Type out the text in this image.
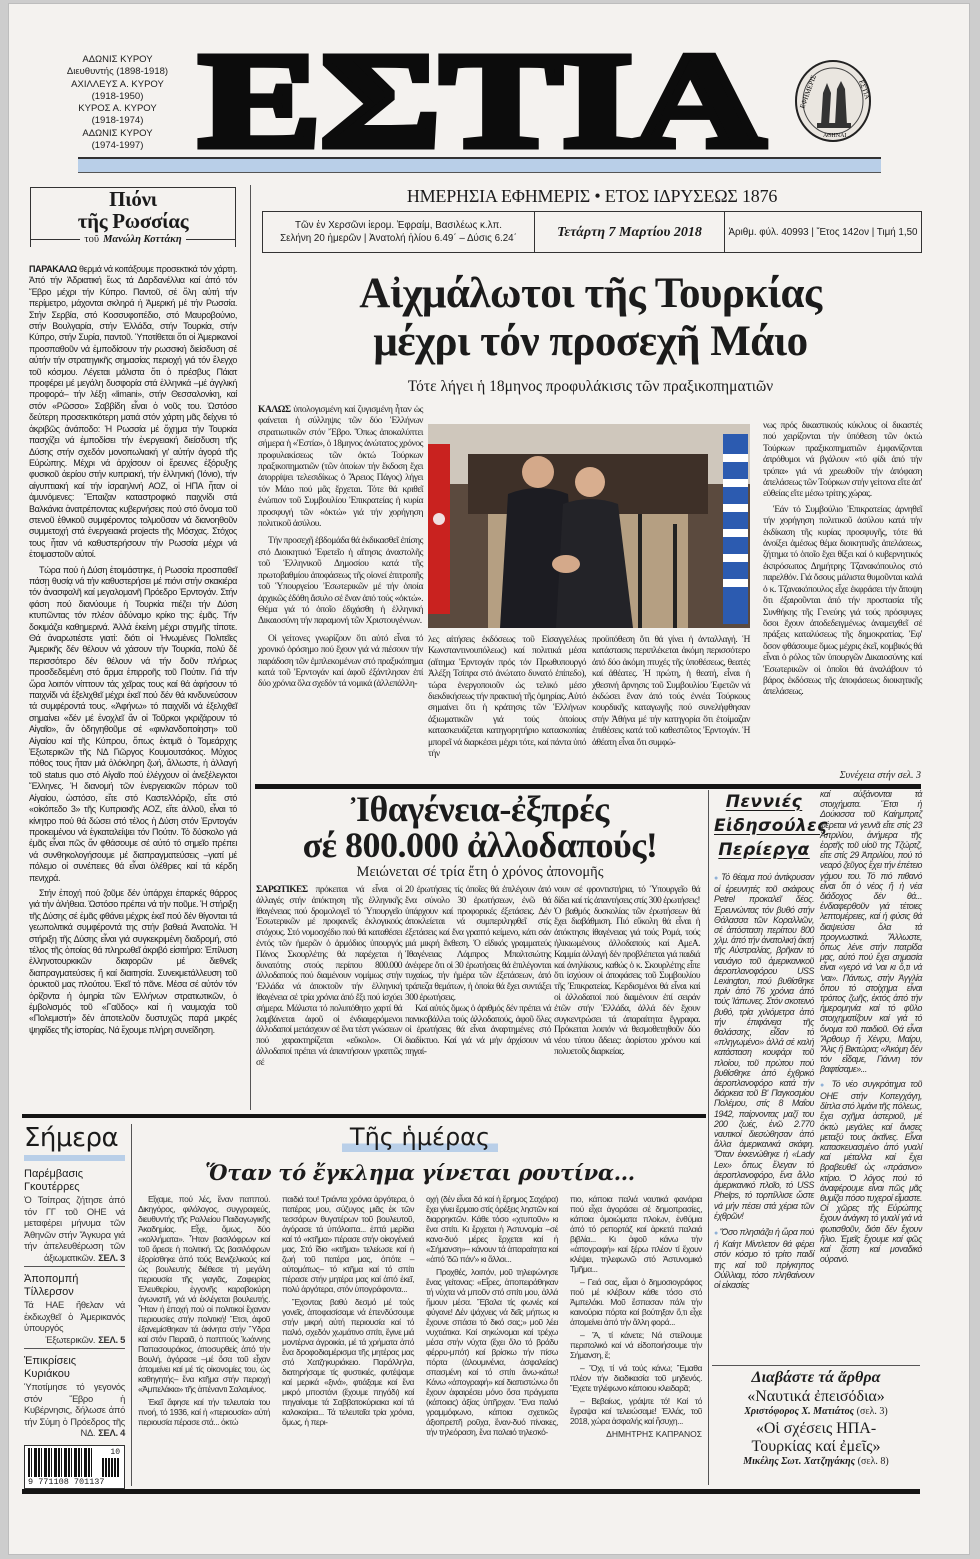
ΑΔΩΝΙΣ ΚΥΡΟΥ
Διευθυντής (1898-1918)
ΑΧΙΛΛΕΥΣ Α. ΚΥΡΟΥ
(1918-1950)
ΚΥΡΟΣ Α. ΚΥΡΟΥ
(1918-1974)
ΑΔΩΝΙΣ ΚΥΡΟΥ
(1974-1997) ΕΣΤΙΑ	ΕΦΗΜΕΡΙΣ	ΕΣΤΙΑ
ΑΘΗΝΑΙ
Πιόνι
τῆς Ρωσσίας
τοῦ Μανώλη Κοττάκη
ΗΜΕΡΗΣΙΑ ΕΦΗΜΕΡΙΣ • ΕΤΟΣ ΙΔΡΥΣΕΩΣ 1876
Τῶν ἐν Χερσῶνι ἱερομ. Ἐφραίμ, Βασιλέως κ.λπ.
Σελήνη 20 ἡμερῶν | Ἀνατολή ἡλίου 6.49΄ – Δύσις 6.24΄	Τετάρτη 7 Μαρτίου 2018	Ἀριθμ. φύλ. 40993 | Ἔτος 142ον | Τιμή 1,50

ΠΑΡΑΚΑΛΩ θερμά νά κοιτάξουμε προσεκτικά τόν χάρτη. Ἀπό τήν Ἀδριατική ἕως τά Δαρδανέλλια καί ἀπό τόν Ἔβρο μέχρι τήν Κύπρο. Παντοῦ, σέ ὅλη αὐτή τήν περίμετρο, μάχονται σκληρά ἡ Ἀμερική μέ τήν Ρωσσία. Στήν Σερβία, στό Κοσσυφοπέδιο, στό Μαυροβούνιο, στήν Βουλγαρία, στήν Ἑλλάδα, στήν Τουρκία, στήν Κύπρο, στήν Συρία, παντοῦ. Ὑποτίθεται ὅτι οἱ Ἀμερικανοί προσπαθοῦν νά ἐμποδίσουν τήν ρωσσική διείσδυση σέ αὐτήν τήν στρατηγικῆς σημασίας περιοχή γιά τόν ἔλεγχο τοῦ κόσμου. Λέγεται μάλιστα ὅτι ὁ πρέσβυς Πάιατ προφέρει μέ μεγάλη δυσφορία στά ἑλληνικά –μέ ἀγγλική προφορά– τήν λέξη «limani», στήν Θεσσαλονίκη, καί στόν «Ρῶσσο» Σαββίδη εἶναι ὁ νοῦς του. Ὡστόσο δεύτερη προσεκτικότερη ματιά στόν χάρτη μᾶς δείχνει τό ἀκριβῶς ἀνάποδο: Ἡ Ρωσσία μέ ὄχημα τήν Τουρκία πασχίζει νά ἐμποδίσει τήν ἐνεργειακή διείσδυση τῆς Δύσης στήν σχεδόν μονοπωλιακή γι' αὐτήν ἀγορά τῆς Εὐρώπης. Μέχρι νά ἀρχίσουν οἱ ἔρευνες ἐξόρυξης φυσικοῦ ἀερίου στήν κυπριακή, τήν ἑλληνική (Ἰόνιο), τήν αἰγυπτιακή καί τήν ἰσραηλινή ΑΟΖ, οἱ ΗΠΑ ἦταν οἱ ἀμυνόμενες: Ἔπαιζαν καταστροφικό παιχνίδι στά Βαλκάνια ἀνατρέποντας κυβερνήσεις πού στό ὄνομα τοῦ στενοῦ ἐθνικοῦ συμφέροντος τολμοῦσαν νά διανοηθοῦν συμμετοχή στά ἐνεργειακά projects τῆς Μόσχας. Στόχος τους ἦταν νά καθυστερήσουν τήν Ρωσσία μέχρι νά ἑτοιμαστοῦν αὐτοί.

Τώρα πού ἡ Δύση ἑτοιμάστηκε, ἡ Ρωσσία προσπαθεῖ πάσῃ θυσίᾳ νά τήν καθυστερήσει μέ πιόνι στήν σκακιέρα τόν ἀνασφαλῆ καί μεγαλομανῆ Πρόεδρο Ἐρντογάν. Στήν φάση πού διανύουμε ἡ Τουρκία πιέζει τήν Δύση κτυπῶντας τόν πλέον ἀδύναμο κρίκο της: ἐμᾶς. Τήν δοκιμάζει καθημερινά. Ἀλλά ἐκείνη μέχρι στιγμῆς τίποτε. Θά ἀναρωτιέστε γιατί: διότι οἱ Ἡνωμένες Πολιτεῖες Ἀμερικῆς δέν θέλουν νά χάσουν τήν Τουρκία, πολύ δέ περισσότερο δέν θέλουν νά τήν δοῦν πλήρως προσδεδεμένη στό ἅρμα ἐπιρροῆς τοῦ Πούτιν. Γιά τήν ὥρα λοιπόν νίπτουν τάς χεῖρας τους καί θά ἀφήσουν τό παιχνίδι νά ἐξελιχθεῖ μέχρι ἐκεῖ πού δέν θά κινδυνεύσουν τά συμφέροντά τους. «Ἀφήνω» τό παιχνίδι νά ἐξελιχθεῖ σημαίνει «δέν μέ ἐνοχλεῖ ἄν οἱ Τοῦρκοι γκριζάρουν τό Αἰγαῖο», ἄν ὁδηγηθοῦμε σέ «φινλανδοποίηση» τοῦ Αἰγαίου καί τῆς Κύπρου, ὅπως ἐκτιμᾶ ὁ Τομεάρχης Ἐξωτερικῶν τῆς ΝΔ Γιῶργος Κουμουτσάκος. Μύχιος πόθος τους ἦταν μιά ὁλόκληρη ζωή, ἄλλωστε, ἡ ἀλλαγή τοῦ status quo στό Αἰγαῖο πού ἐλέγχουν οἱ ἀνεξέλεγκτοι Ἕλληνες. Ἡ διανομή τῶν ἐνεργειακῶν πόρων τοῦ Αἰγαίου, ὡστόσο, εἴτε στό Καστελλόριζο, εἴτε στό «οἰκόπεδο 3» τῆς Κυπριακῆς ΑΟΖ, εἴτε ἀλλοῦ, εἶναι τό κίνητρο πού θά δώσει στό τέλος ἡ Δύση στόν Ἐρντογάν προκειμένου νά ἐγκαταλείψει τόν Πούτιν. Τό δύσκολο γιά ἐμᾶς εἶναι πῶς ἄν φθάσουμε σέ αὐτό τό σημεῖο πρέπει νά συνθηκολογήσουμε μέ διαπραγματεύσεις –γιατί μέ πόλεμο οἱ συνέπειες θά εἶναι ὀλέθριες καί τά κέρδη πενιχρά.

Στήν ἐποχή πού ζοῦμε δέν ὑπάρχει ἐπαρκές θάρρος γιά τήν ἀλήθεια. Ὡστόσο πρέπει νά τήν ποῦμε. Ἡ στήριξη τῆς Δύσης σέ ἐμᾶς φθάνει μέχρις ἐκεῖ πού δέν θίγονται τά γεωπολιτικά συμφέροντά της στήν βαθειά Ἀνατολία. Ἡ στήριξη τῆς Δύσης εἶναι γιά συγκεκριμένη διαδρομή, στό τέλος τῆς ὁποίας θά πληρωθεῖ ἀκριβό εἰσιτήριο: Ἐπίλυση ἑλληνοτουρκικῶν διαφορῶν μέ διεθνεῖς διαπραγματεύσεις ἤ καί διαιτησία. Συνεκμετάλλευση τοῦ ὀρυκτοῦ μας πλούτου. Ἐκεῖ τό πᾶνε. Μέσα σέ αὐτόν τόν ὁρίζοντα ἡ ὁμηρία τῶν Ἑλλήνων στρατιωτικῶν, ὁ ἐμβολισμός τοῦ «Γαῦδος» καί ἡ ναυμαχία τοῦ «Πολεμιστή» δέν ἀποτελοῦν δυστυχῶς παρά μικρές ψηφίδες τῆς ἱστορίας. Νά ἔχουμε πλήρη συνείδηση.

Αἰχμάλωτοι τῆς Τουρκίας
μέχρι τόν προσεχῆ Μάιο
Τότε λήγει ἡ 18μηνος προφυλάκισις τῶν πραξικοπηματιῶν

ΚΑΛΩΣ ὑπολογισμένη καί ζυγισμένη ἦταν ὡς φαίνεται ἡ σύλληψις τῶν δύο Ἑλλήνων στρατιωτικῶν στόν Ἔβρο. Ὅπως ἀποκαλύπτει σήμερα ἡ «Ἑστία», ὁ 18μηνος ἀνώτατος χρόνος προφυλακίσεως τῶν ὀκτώ Τούρκων πραξικοπηματιῶν (τῶν ὁποίων τήν ἔκδοση ἔχει ἀπορρίψει τελεσιδίκως ὁ Ἄρειος Πάγος) λήγει τόν Μάιο πού μᾶς ἔρχεται. Τότε θά κριθεῖ ἐνώπιον τοῦ Συμβουλίου Ἐπικρατείας ἡ κυρία προσφυγή τῶν «ὀκτώ» γιά τήν χορήγηση πολιτικοῦ ἀσύλου.

Τήν προσεχῆ ἑβδομάδα θά ἐκδικασθεῖ ἐπίσης στό Διοικητικό Ἐφετεῖο ἡ αἴτησις ἀναστολῆς τοῦ Ἑλληνικοῦ Δημοσίου κατά τῆς πρωτοβαθμίου ἀποφάσεως τῆς οἱονεί ἐπιτροπῆς τοῦ Ὑπουργείου Ἐσωτερικῶν μέ τήν ὁποία ἀρχικῶς ἐδόθη ἄσυλο σέ ἕναν ἀπό τούς «ὀκτώ». Θέμα γιά τό ὁποῖο ἐδιχάσθη ἡ ἑλληνική Δικαιοσύνη τήν παραμονή τῶν Χριστουγέννων.

Οἱ γείτονες γνωρίζουν ὅτι αὐτό εἶναι τό χρονικό ὁρόσημο πού ἔχουν γιά νά πιέσουν τήν παράδοση τῶν ἐμπλεκομένων στό πραξικόπημα κατά τοῦ Ἐρντογάν καί ἀφοῦ ἐξάντλησαν ἐπί δύο χρόνια ὅλα σχεδόν τά νομικά (ἀλλεπάλλη-

λες αἰτήσεις ἐκδόσεως τοῦ Εἰσαγγελέως Κωνσταντινουπόλεως) καί πολιτικά μέσα (αἴτημα Ἐρντογάν πρός τόν Πρωθυπουργό Ἀλέξη Τσίπρα στό ἀνώτατο δυνατό ἐπίπεδο), τώρα ἐνεργοποιοῦν ὡς τελικό μέσο διεκδικήσεως τήν πρακτική τῆς ὁμηρίας. Αὐτό σημαίνει ὅτι ἡ κράτησις τῶν Ἑλλήνων ἀξιωματικῶν γιά τούς ὁποίους κατασκευάζεται κατηγορητήριο κατασκοπίας μπορεῖ νά διαρκέσει μέχρι τότε, καί πάντα ὑπό τήν
προϋπόθεση ὅτι θά γίνει ἡ ἀνταλλαγή. Ἡ κατάστασις περιπλέκεται ἀκόμη περισσότερο ἀπό δύο ἀκόμη πτυχές τῆς ὑποθέσεως, θεατές καί ἀθέατες. Ἡ πρώτη, ἡ θεατή, εἶναι ἡ χθεσινή ἄρνησις τοῦ Συμβουλίου Ἐφετῶν νά ἐκδώσει ἕναν ἀπό τούς ἐννέα Τούρκους κουρδικῆς καταγωγῆς πού συνελήφθησαν στήν Ἀθήνα μέ τήν κατηγορία ὅτι ἑτοίμαζαν ἐπιθέσεις κατά τοῦ καθεστῶτος Ἐρντογάν. Ἡ ἀθέατη εἶναι ὅτι συμφώ-

νως πρός δικαστικούς κύκλους οἱ δικαστές πού χειρίζονται τήν ὑπόθεση τῶν ὀκτώ Τούρκων πραξικοπηματιῶν ἐμφανίζονται ἀπρόθυμοι νά βγάλουν «τό φίδι ἀπό τήν τρύπα» γιά νά χρεωθοῦν τήν ἀπόφαση ἀπελάσεως τῶν Τούρκων στήν γείτονα εἴτε ἀπ' εὐθείας εἴτε μέσω τρίτης χώρας.

Ἐάν τό Συμβούλιο Ἐπικρατείας ἀρνηθεῖ τήν χορήγηση πολιτικοῦ ἀσύλου κατά τήν ἐκδίκαση τῆς κυρίας προσφυγῆς, τότε θά ἀνοίξει ἀμέσως θέμα διοικητικῆς ἀπελάσεως, ζήτημα τό ὁποῖο ἔχει θίξει καί ὁ κυβερνητικός ἐκπρόσωπος Δημήτρης Τζανακόπουλος στό παρελθόν. Γιά ὅσους μάλιστα θυμοῦνται καλά ὁ κ. Τζανακόπουλος εἶχε ἐκφράσει τήν ἄποψη ὅτι ἐξαιροῦνται ἀπό τήν προστασία τῆς Συνθήκης τῆς Γενεύης γιά τούς πρόσφυγες ὅσοι ἔχουν ἀποδεδειγμένως ἀναμειχθεῖ σέ πράξεις καταλύσεως τῆς δημοκρατίας. Ἐφ' ὅσον φθάσουμε ὅμως μέχρις ἐκεῖ, κομβικός θά εἶναι ὁ ρόλος τῶν ὑπουργῶν Δικαιοσύνης καί Ἐσωτερικῶν οἱ ὁποῖοι θά ἀναλάβουν τό βάρος ἐκδόσεως τῆς ἀποφάσεως διοικητικῆς ἀπελάσεως.

Συνέχεια στήν σελ. 3
Ἰθαγένεια-ἐξπρές
σέ 800.000 ἀλλοδαπούς!
Μειώνεται σέ τρία ἔτη ὁ χρόνος ἀπονομῆς

ΣΑΡΩΤΙΚΕΣ πρόκειται νά εἶναι οἱ ἀλλαγές στήν ἀπόκτηση τῆς ἑλληνικῆς ἰθαγένειας πού δρομολογεῖ τό Ὑπουργεῖο Ἐσωτερικῶν μέ προφανεῖς ἐκλογικούς στόχους. Στό νομοσχέδιο πού θά καταθέσει ἐντός τῶν ἡμερῶν ὁ ἁρμόδιος ὑπουργός Πάνος Σκουρλέτης θά παρέχεται ἡ δυνατότης στούς περίπου 800.000 ἀλλοδαπούς πού διαμένουν νομίμως στήν Ἑλλάδα νά ἀποκτοῦν τήν ἑλληνική ἰθαγένεια σέ τρία χρόνια ἀπό ἕξι πού ἰσχύει σήμερα. Μάλιστα τό πολυπόθητο χαρτί θά λαμβάνεται ἀφοῦ οἱ ἐνδιαφερόμενοι ἀλλοδαποί μετάσχουν σέ ἕνα τέστ γνώσεων πού χαρακτηρίζεται «εὔκολο». Οἱ ἀλλοδαποί πρέπει νά ἀπαντήσουν γραπτῶς σέ

20 ἐρωτήσεις τίς ὁποῖες θά ἐπιλέγουν ἀπό ἕνα σύνολο 30 ἐρωτήσεων, ἐνῶ θά ὑπάρχουν καί προφορικές ἐξετάσεις. Δέν ἀποκλείεται νά συμπεριληφθεῖ στίς ἐξετάσεις καί ἕνα γραπτό κείμενο, κάτι σάν μιά μικρή ἔκθεση. Ὁ εἰδικός γραμματεύς Ἰθαγένειας Λάμπρος Μπαλτσιώτης ἀνέφερε ὅτι οἱ 30 ἐρωτήσεις θά ἐπιλέγονται τυχαίως, τήν ἡμέρα τῶν ἐξετάσεων, ἀπό τράπεζα θεμάτων, ἡ ὁποία θά ἔχει συντάξει 300 ἐρωτήσεις.

Καί αὐτός ὅμως ὁ ἀριθμός δέν πρέπει νά πανικοβάλλει τούς ἀλλοδαπούς, ἀφοῦ ὅλες οἱ ἐρωτήσεις θά εἶναι ἀναρτημένες στό διαδίκτυο. Καί γιά νά μήν ἀρχίσουν νά πηγαί-

νουν σέ φροντιστήρια, τό Ὑπουργεῖο θά δίδει καί τίς ἀπαντήσεις στίς 300 ἐρωτήσεις! Ὁ βαθμός δυσκολίας τῶν ἐρωτήσεων θά ἔχει διαβάθμιση. Πιό εὔκολη θά εἶναι ἡ ἀπόκτησις ἰθαγένειας γιά τούς Ρομά, τούς ἡλικιωμένους ἀλλοδαπούς καί ΑμεΑ. Καμμία ἀλλαγή δέν προβλέπεται γιά παιδιά καί ἀνηλίκους, καθώς ὁ κ. Σκουρλέτης εἶπε ὅτι ἰσχύουν οἱ ἀποφάσεις τοῦ Συμβουλίου τῆς Ἐπικρατείας. Κερδισμένοι θά εἶναι καί οἱ ἀλλοδαποί πού διαμένουν ἐπί σειράν ἐτῶν στήν Ἑλλάδα, ἀλλά δέν ἔχουν συγκεντρώσει τά ἀπαραίτητα ἔγγραφα. Πρόκειται λοιπόν νά θεσμοθετηθοῦν δύο νέου τύπου ἄδειες: ἀορίστου χρόνου καί πολυετοῦς διαρκείας.
Πεννιές
Εἰδησούλες
Περίεργα

● Τό θέαμα πού ἀντίκρυσαν οἱ ἐρευνητές τοῦ σκάφους Petrel προκαλεῖ δέος. Ἐρευνώντας τόν βυθό στήν Θάλασσα τῶν Κοραλλιῶν, σέ ἀπόσταση περίπου 800 χλμ. ἀπό τήν ἀνατολική ἀκτή τῆς Αὐστραλίας, βρῆκαν τό ναυάγιο τοῦ ἀμερικανικοῦ ἀεροπλανοφόρου USS Lexington, πού βυθίσθηκε πρίν ἀπό 76 χρόνια ἀπό τούς Ἰάπωνες. Στόν σκοτεινό βυθό, τρία χιλιόμετρα ἀπό τήν ἐπιφάνεια τῆς θαλάσσης, εἶδαν τό «πληγωμένο» ἀλλά σέ καλή κατάσταση κουφάρι τοῦ πλοίου, τοῦ πρώτου πού βυθίσθηκε ἀπό ἐχθρικό ἀεροπλανοφόρο κατά τήν διάρκεια τοῦ Β' Παγκοσμίου Πολέμου, στίς 8 Μαΐου 1942, παίρνοντας μαζί του 200 ζωές, ἐνῶ 2.770 ναυτικοί διεσώθησαν ἀπό ἄλλα ἀμερικανικά σκάφη. Ὅταν ἐκκενώθηκε ἡ «Lady Lex» ὅπως ἔλεγαν τό ἀεροπλανοφόρο, ἕνα ἄλλο ἀμερικανικό πλοῖο, τό USS Phelps, τό τορπίλλισε ὥστε νά μήν πέσει στά χέρια τῶν ἐχθρῶν!

● Ὅσο πλησιάζει ἡ ὥρα πού ἡ Καίητ Μίντλετον θά φέρει στόν κόσμο τό τρίτο παιδί της καί τοῦ πρίγκηπος Οὐίλλιαμ, τόσο πληθαίνουν οἱ εἰκασίες

καί αὐξάνονται τά στοιχήματα. Ἔτσι ἡ Δούκισσα τοῦ Καίημπριτζ φέρεται νά γεννᾶ εἴτε στίς 23 Ἀπριλίου, ἀνήμερα τῆς ἑορτῆς τοῦ υἱοῦ της Τζώρτζ, εἴτε στίς 29 Ἀπριλίου, πού τό νεαρό ζεῦγος ἔχει τήν ἐπέτειο γάμου του. Τό πιό πιθανό εἶναι ὅτι ὁ νέος ἤ ἡ νέα διάδοχος δέν θά... ἐνδιαφερθοῦν γιά τέτοιες λεπτομέρειες, καί ἡ φύσις θά διαψεύσει ὅλα τά προγνωστικά. Ἄλλωστε, ὅπως λένε στήν πατρίδα μας, αὐτό πού ἔχει σημασία εἶναι «γερό νά 'ναι κι ὅ,τι νά 'ναι». Πάντως, στήν Ἀγγλία ὅπου τό στοίχημα εἶναι τρόπος ζωῆς, ἐκτός ἀπό τήν ἡμερομηνία καί τό φῦλο στοιχηματίζουν καί γιά τό ὄνομα τοῦ παιδιοῦ. Θά εἶναι Ἄρθουρ ἤ Χένρυ, Μαίρυ, Ἄλις ἤ Βικτώρια; «Ἀκόμη δέν τόν εἴδαμε, Γιάννη τόν βαφτίσαμε»...

● Τό νέο συγκρότημα τοῦ ΟΗΕ στήν Κοπεγχάγη, δίπλα στό λιμάνι τῆς πόλεως, ἔχει σχῆμα ἀστεριοῦ, μέ ὀκτώ μεγάλες καί ἄνισες μεταξύ τους ἀκτῖνες. Εἶναι κατασκευασμένο ἀπό γυαλί καί μέταλλα καί ἔχει βραβευθεῖ ὡς «πράσινο» κτίριο. Ὁ λόγος πού τό ἀναφέρουμε εἶναι πῶς μᾶς θυμίζει πόσο τυχεροί εἴμαστε. Οἱ χῶρες τῆς Εὐρώπης ἔχουν ἀνάγκη τό γυαλί γιά νά φωτισθοῦν, διότι δέν ἔχουν ἥλιο. Ἐμεῖς ἔχουμε καί φῶς καί ζέστη καί μοναδικό οὐρανό.

Διαβάστε τά ἄρθρα
«Ναυτικά ἐπεισόδια»
Χριστόφορος Χ. Ματιάτος (σελ. 3)
«Οἱ σχέσεις ΗΠΑ-Τουρκίας καί ἐμεῖς»
Μικέλης Σωτ. Χατζηγάκης (σελ. 8)
Σήμερα
Παρέμβασις
Γκουτέρρες
Ὁ Τσίπρας ζήτησε ἀπό τόν ΓΓ τοῦ ΟΗΕ νά μεταφέρει μήνυμα τῶν Ἀθηνῶν στήν Ἄγκυρα γιά τήν ἀπελευθέρωση τῶν ἀξιωματικῶν. ΣΕΛ. 3
Ἀποπομπή
Τίλλερσον
Τά ΗΑΕ ἤθελαν νά ἐκδιωχθεῖ ὁ Ἀμερικανός ὑπουργός Ἐξωτερικῶν. ΣΕΛ. 5
Ἐπικρίσεις
Κυριάκου
Ὑποτίμησε τό γεγονός στόν Ἔβρο ἡ Κυβέρνησις, δήλωσε ἀπό τήν Σύμη ὁ Πρόεδρος τῆς ΝΔ. ΣΕΛ. 4
10
9 771108 701137
Τῆς ἡμέρας
Ὅταν τό ἔγκλημα γίνεται ρουτίνα...

Εἴχαμε, πού λές, ἕναν παππού. Δικηγόρος, φιλόλογος, συγγραφεύς, διευθυντής τῆς Ραλλείου Παιδαγωγικῆς Ἀκαδημίας. Εἶχε, ὅμως, δύο «κολλήματα». Ἦταν βασιλόφρων καί τοῦ ἄρεσε ἡ πολιτική. Ὡς βασιλόφρων ἐξορίσθηκε ἀπό τούς Βενιζελικούς καί ὡς βουλευτής διέθεσε τή μεγάλη περιουσία τῆς γιαγιᾶς, Ζαφειρίας Ἐλευθερίου, ἐγγονῆς καραβοκύρη ἀγωνιστῆ, γιά νά ἐκλέγεται βουλευτής. Ἦταν ἡ ἐποχή πού οἱ πολιτικοί ἔχαναν περιουσίες στήν πολιτική! Ἔτσι, ἀφοῦ ἐξανεμίσθηκαν τά ἀκίνητα στήν Ὕδρα καί στόν Πειραιᾶ, ὁ παππούς Ἰωάννης Παπασουράκος, ἀποσυρθείς ἀπό τήν Βουλή, ἀγόρασε –μέ ὅσα τοῦ εἶχαν ἀπομείνει καί μέ τίς οἰκονομίες του, ὡς καθηγητής– ἕνα κτῆμα στήν περιοχή «Ἀμπελάκια» τῆς ἀπέναντι Σαλαμίνος.

Ἐκεῖ ἄφησε καί τήν τελευταία του πνοή, τό 1936, καί ἡ «περιουσία» αὐτή περιουσία πέρασε στά... ὀκτώ

παιδιά του! Τριάντα χρόνια ἀργότερα, ὁ πατέρας μου, σύζυγος μιᾶς ἐκ τῶν τεσσάρων θυγατέρων τοῦ βουλευτοῦ, ἀγόρασε τά ὑπόλοιπα... ἑπτά μερίδια καί τό «κτῆμα» πέρασε στήν οἰκογένειά μας. Στό ἴδιο «κτῆμα» τελείωσε καί ἡ ζωή τοῦ πατέρα μας, ὁπότε –αὐτομάτως– τό κτῆμα καί τό σπίτι πέρασε στήν μητέρα μας καί ἀπό ἐκεῖ, πολύ ἀργότερα, στόν ὑπογράφοντα...

Ἔχοντας βαθύ δεσμό μέ τούς γονεῖς, ἀποφασίσαμε νά ἐπενδύσουμε στήν μικρή αὐτή περιουσία καί τό παλιό, σχεδόν χωμάτινο σπίτι, ἔγινε μιά μοντέρνα ἀγροικία, μέ τά χρήματα ἀπό ἕνα δροφοδιαμέρισμα τῆς μητέρας μας στό Χατζηκυριάκειο. Παράλληλα, διατηρήσαμε τίς φυστικιές, φυτέψαμε καί μερικά «ξινά», φτιάξαμε καί ἕνα μικρό μποστάνι (ἔχουμε πηγάδι) καί πηγαίναμε τά Σαββατοκύριακα καί τά καλοκαίρια... Τά τελευταῖα τρία χρόνια, ὅμως, ἡ περι-

οχή (δέν εἶναι δά καί ἡ ἔρημος Σαχάρα) ἔχει γίνει ἕρμαιο στίς ὀρέξεις ληστῶν καί διαρρηκτῶν. Κάθε τόσο «χτυποῦν» κι ἕνα σπίτι. Κι ἔρχεται ἡ Ἀστυνομία –σέ κανα-δυό μέρες ἔρχεται καί ἡ «Σήμανση»– κάνουν τά ἀπαραίτητα καί «ἀπό 'δῶ πάν'» κι ἄλλοι...

Προχθές, λοιπόν, μοῦ τηλεφώνησε ἕνας γείτονας: «Εἶρες, ἀποπειράθηκαν τή νύχτα νά μποῦν στό σπίτι μου, ἀλλά ἤμουν μέσα. Ἔβαλα τίς φωνές καί φύγανε! Δέν ψάχνεις νά δεῖς μήπως κι ἔχουνε σπάσει τό δικό σας;» μοῦ λέει νυχτιάτικα. Καί σηκώνομαι καί τρέχω μέσα στήν νύχτα (ἔχει ὅλο τό βράδυ φέρρυ-μπότ) καί βρίσκω τήν πίσω πόρτα (ἀλουμινένια, ἀσφαλείας) σπασμένη καί τό σπίτι ἄνω-κάτω! Κάνω «ἀπογραφή» καί διαπιστώνω ὅτι ἔχουν ἀφαιρέσει μόνο ὅσα πράγματα (κάποιας) ἀξίας ὑπῆρχαν. Ἕνα παλιό γραμμόφωνο, κάποια σχετικῶς ἀξιοπρεπῆ ροῦχα, ἕναν-δυό πίνακες, τήν τηλεόραση, ἕνα παλαιό τηλεσκό-

πιο, κάποια παλιά ναυτικά φανάρια πού εἶχα ἀγοράσει σέ δημοπρασίες, κάποια ὁμοιώματα πλοίων, ἐνθύμια ἀπό τό ρεπορτάζ καί ἀρκετά παλαιά βιβλία... Κι ἀφοῦ κάνω τήν «ἀπογραφή» καί ξέρω πλέον τί ἔχουν κλέψει, τηλεφωνῶ στό Ἀστυνομικό Τμῆμα...

– Γειά σας, εἶμαι ὁ δημοσιογράφος πού μέ κλέβουν κάθε τόσο στό Ἀμπελάκι. Μοῦ ἔσπασαν πάλι τήν καινούρια πόρτα καί βούτηξαν ὅ,τι εἶχε ἀπομείνει ἀπό τήν ἄλλη φορά...

– Ἄ, τί κάνετε; Νά στείλουμε περιπολικό καί νά εἰδοποιήσουμε τήν Σήμανση, ἔ;

– Ὄχι, τί νά τούς κάνω; Ἔμαθα πλέον τήν διαδικασία τοῦ μηδενός. Ἔχετε τηλέφωνο κάποιου κλειδαρᾶ;

– Βεβαίως, γράψτε τό! Καί τό ἔγραψα καί τελειώσαμε! Ἑλλάς, τοῦ 2018, χώρα ἀσφαλής καί ἥσυχη...

ΔΗΜΗΤΡΗΣ ΚΑΠΡΑΝΟΣ
